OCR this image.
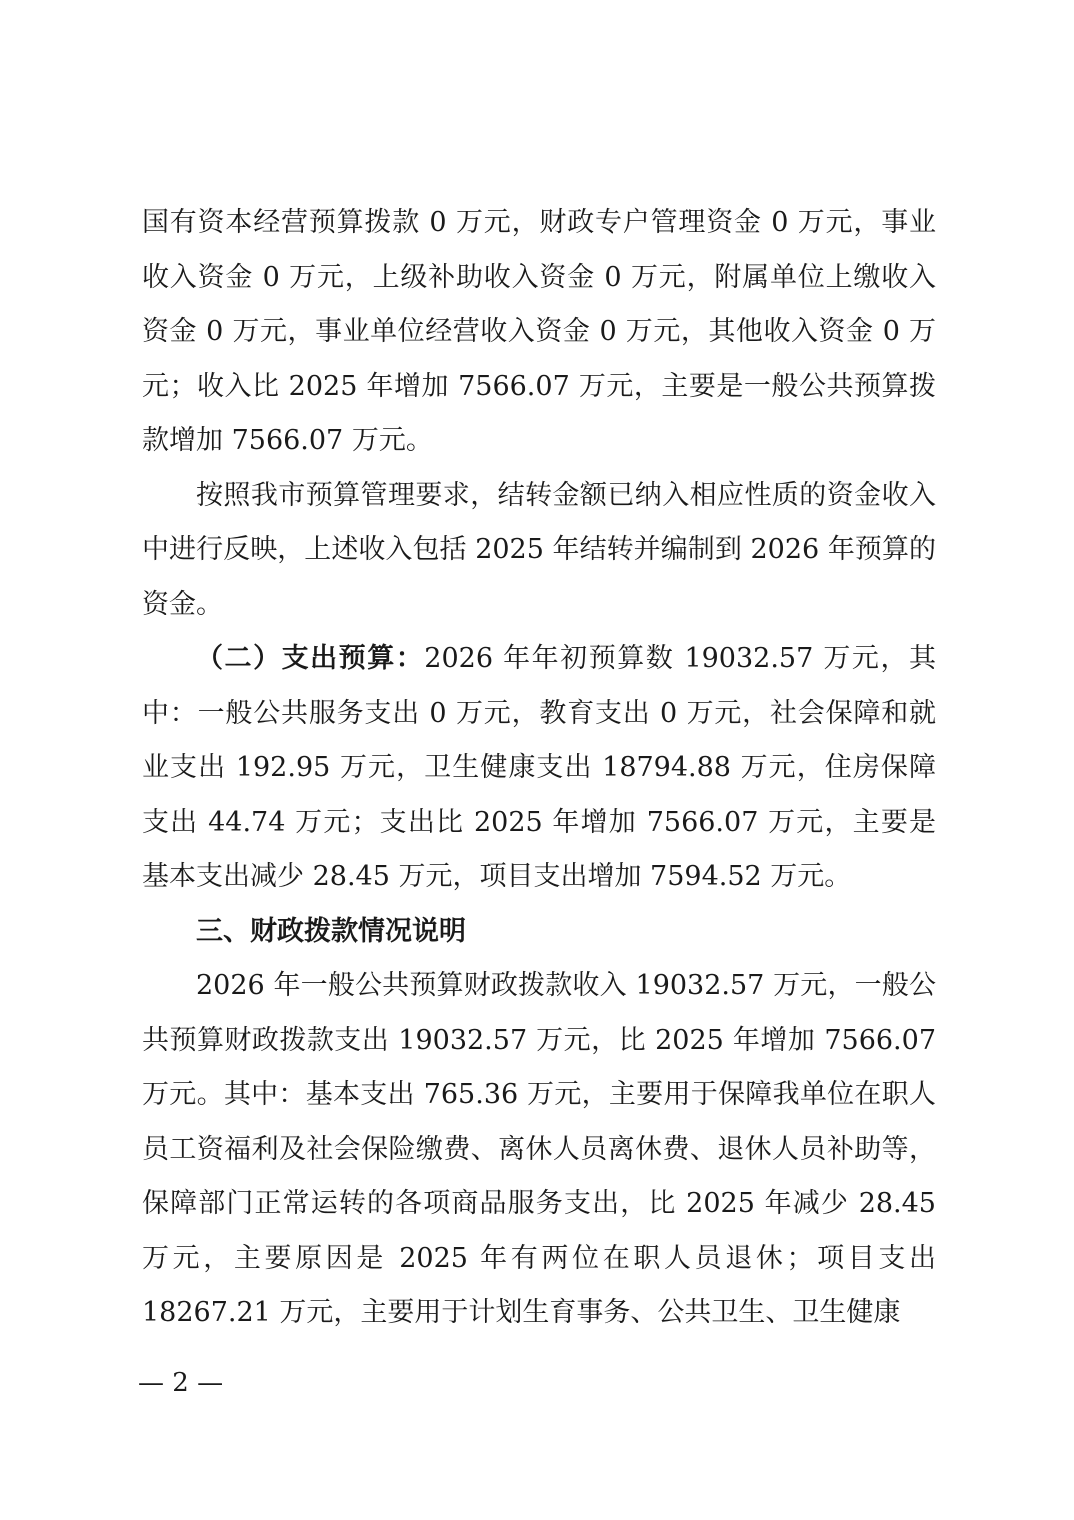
国有资本经营预算拨款 0 万元，财政专户管理资金 0 万元，事业收入资金 0 万元，上级补助收入资金 0 万元，附属单位上缴收入资金 0 万元，事业单位经营收入资金 0 万元，其他收入资金 0 万元；收入比 2025 年增加 7566.07 万元，主要是一般公共预算拨款增加 7566.07 万元。

按照我市预算管理要求，结转金额已纳入相应性质的资金收入中进行反映，上述收入包括 2025 年结转并编制到 2026 年预算的资金。

（二）支出预算：2026 年年初预算数 19032.57 万元，其中：一般公共服务支出 0 万元，教育支出 0 万元，社会保障和就业支出 192.95 万元，卫生健康支出 18794.88 万元，住房保障支出 44.74 万元；支出比 2025 年增加 7566.07 万元，主要是基本支出减少 28.45 万元，项目支出增加 7594.52 万元。

三、财政拨款情况说明

2026 年一般公共预算财政拨款收入 19032.57 万元，一般公共预算财政拨款支出 19032.57 万元，比 2025 年增加 7566.07 万元。其中：基本支出 765.36 万元，主要用于保障我单位在职人员工资福利及社会保险缴费、离休人员离休费、退休人员补助等，保障部门正常运转的各项商品服务支出，比 2025 年减少 28.45 万元，主要原因是 2025 年有两位在职人员退休；项目支出 18267.21 万元，主要用于计划生育事务、公共卫生、卫生健康

— 2 —
